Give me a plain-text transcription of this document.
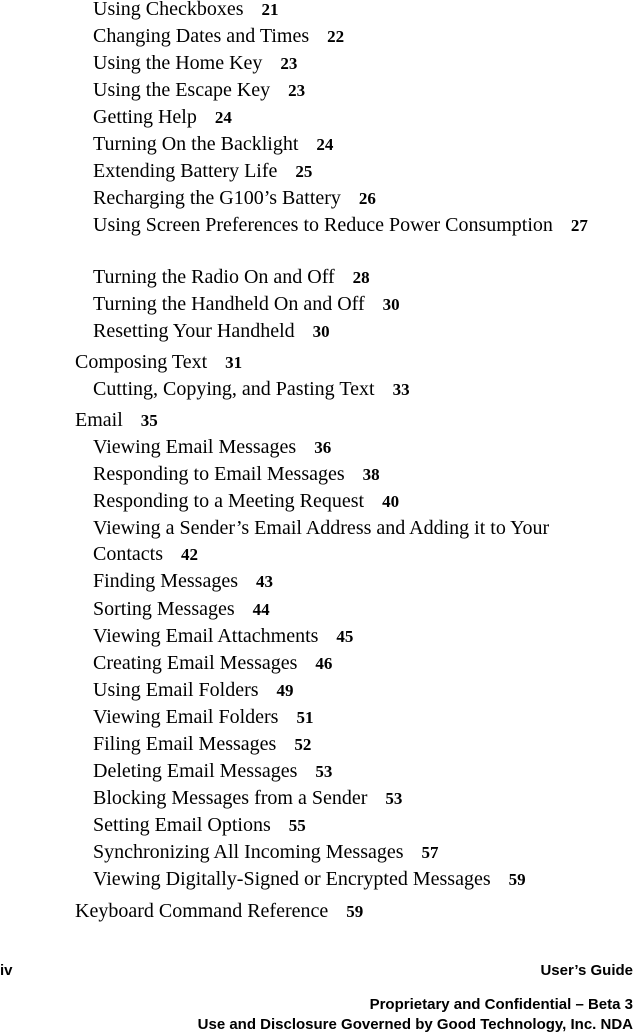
Using Checkboxes 21
Changing Dates and Times 22
Using the Home Key 23
Using the Escape Key 23
Getting Help 24
Turning On the Backlight 24
Extending Battery Life 25
Recharging the G100’s Battery 26
Using Screen Preferences to Reduce Power Consumption 27
Turning the Radio On and Off 28
Turning the Handheld On and Off 30
Resetting Your Handheld 30
Composing Text 31
Cutting, Copying, and Pasting Text 33
Email 35
Viewing Email Messages 36
Responding to Email Messages 38
Responding to a Meeting Request 40
Viewing a Sender’s Email Address and Adding it to Your Contacts 42
Finding Messages 43
Sorting Messages 44
Viewing Email Attachments 45
Creating Email Messages 46
Using Email Folders 49
Viewing Email Folders 51
Filing Email Messages 52
Deleting Email Messages 53
Blocking Messages from a Sender 53
Setting Email Options 55
Synchronizing All Incoming Messages 57
Viewing Digitally-Signed or Encrypted Messages 59
Keyboard Command Reference 59
iv	User’s Guide
Proprietary and Confidential – Beta 3
Use and Disclosure Governed by Good Technology, Inc. NDA
